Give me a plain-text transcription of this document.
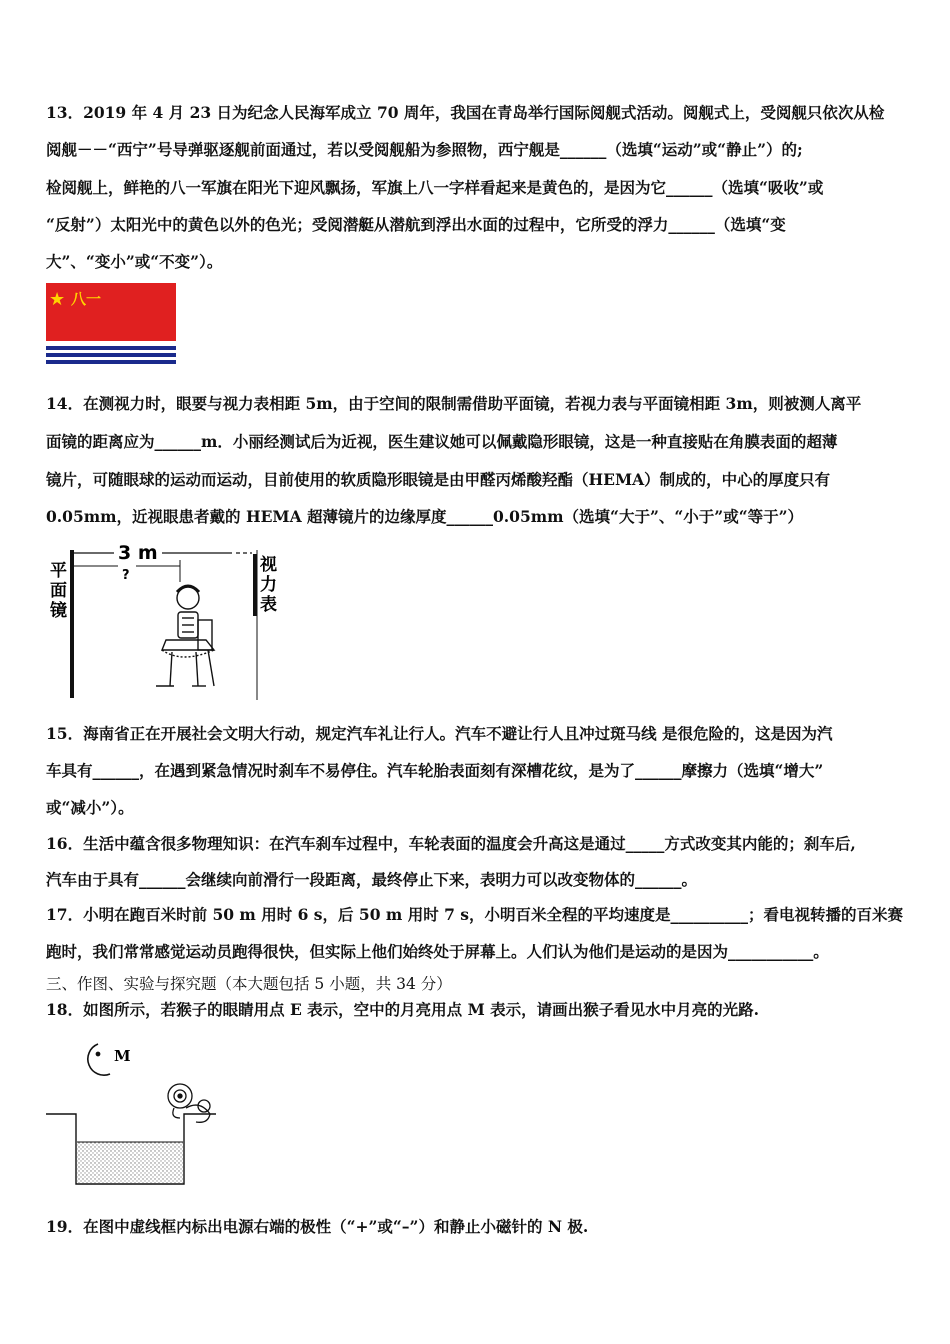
13．2019 年 4 月 23 日为纪念人民海军成立 70 周年，我国在青岛举行国际阅舰式活动。阅舰式上，受阅舰只依次从检
阅舰－－“西宁”号导弹驱逐舰前面通过，若以受阅舰船为参照物，西宁舰是______（选填“运动”或“静止”）的;
检阅舰上，鲜艳的八一军旗在阳光下迎风飘扬，军旗上八一字样看起来是黄色的，是因为它______（选填“吸收”或
“反射”）太阳光中的黄色以外的色光；受阅潜艇从潜航到浮出水面的过程中，它所受的浮力______（选填“变
大”、“变小”或“不变”）。
★ 八一
14．在测视力时，眼要与视力表相距 5m，由于空间的限制需借助平面镜，若视力表与平面镜相距 3m，则被测人离平
面镜的距离应为______m．小丽经测试后为近视，医生建议她可以佩戴隐形眼镜，这是一种直接贴在角膜表面的超薄
镜片，可随眼球的运动而运动，目前使用的软质隐形眼镜是由甲醛丙烯酸羟酯（HEMA）制成的，中心的厚度只有
0.05mm，近视眼患者戴的 HEMA 超薄镜片的边缘厚度______0.05mm（选填“大于”、“小于”或“等于”）
3 m
?
平
面
镜
视
力
表
15．海南省正在开展社会文明大行动，规定汽车礼让行人。汽车不避让行人且冲过斑马线 是很危险的，这是因为汽
车具有______，在遇到紧急情况时刹车不易停住。汽车轮胎表面刻有深槽花纹，是为了______摩擦力（选填“增大”
或“减小”）。
16．生活中蕴含很多物理知识：在汽车刹车过程中，车轮表面的温度会升高这是通过_____方式改变其内能的；刹车后,
汽车由于具有______会继续向前滑行一段距离，最终停止下来，表明力可以改变物体的______。
17．小明在跑百米时前 50 m 用时 6 s，后 50 m 用时 7 s，小明百米全程的平均速度是__________；看电视转播的百米赛
跑时，我们常常感觉运动员跑得很快，但实际上他们始终处于屏幕上。人们认为他们是运动的是因为___________。
三、作图、实验与探究题（本大题包括 5 小题，共 34 分）
18．如图所示，若猴子的眼睛用点 E 表示，空中的月亮用点 M 表示，请画出猴子看见水中月亮的光路.
M
19．在图中虚线框内标出电源右端的极性（“+”或“–”）和静止小磁针的 N 极.
